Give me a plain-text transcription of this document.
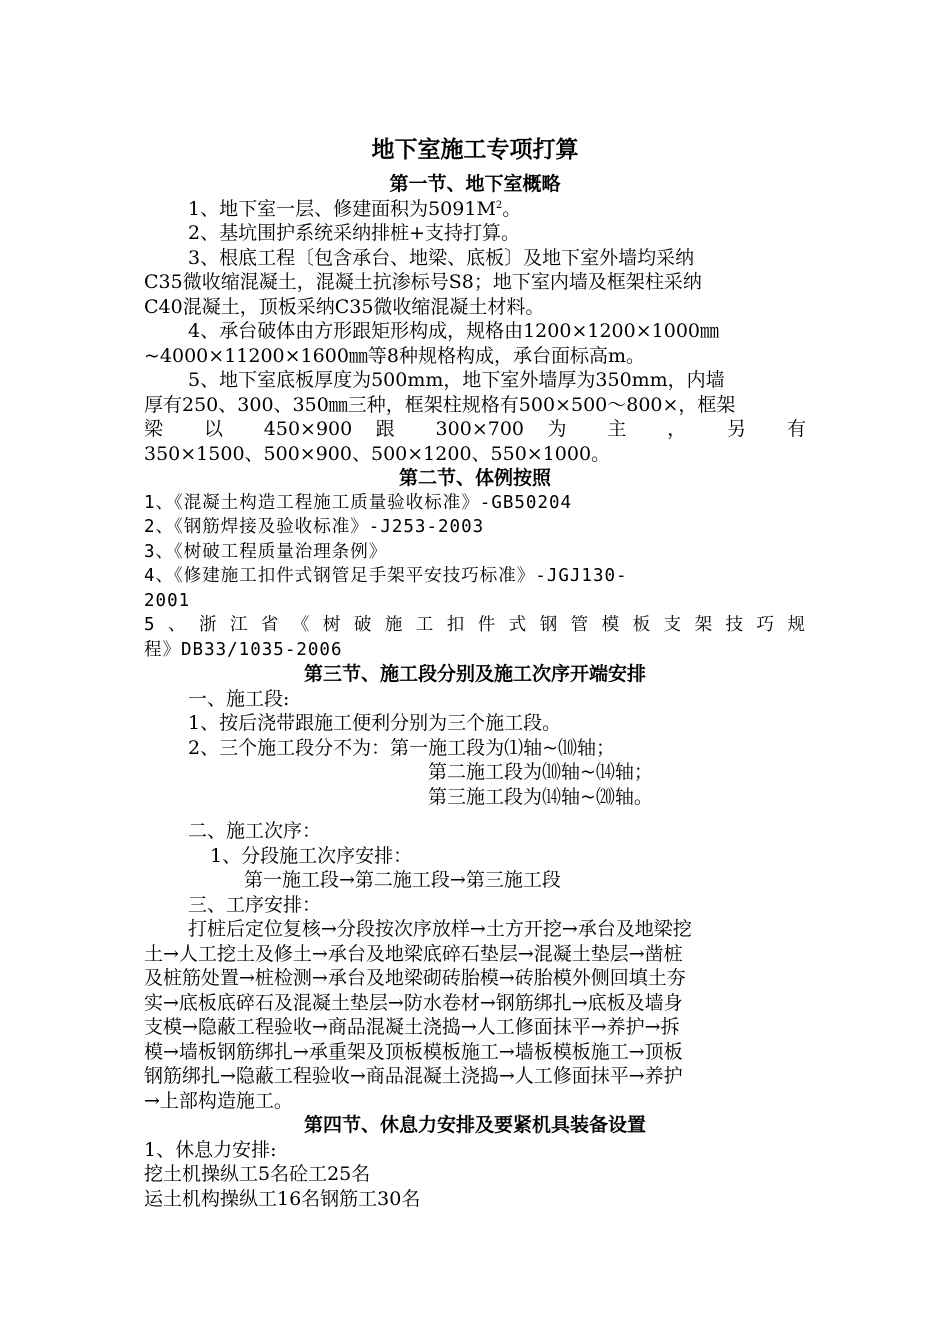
地下室施工专项打算
第一节、地下室概略
1、地下室一层、修建面积为$5091M^2$。
2、基坑围护系统采纳排桩+支持打算。
3、根底工程〔包含承台、地梁、底板〕及地下室外墙均采纳
C35微收缩混凝土，混凝土抗渗标号S8；地下室内墙及框架柱采纳
C40混凝土，顶板采纳C35微收缩混凝土材料。
4、承台破体由方形跟矩形构成，规格由1200×1200×1000㎜
~4000×11200×1600㎜等8种规格构成，承台面标高m。
5、地下室底板厚度为500mm，地下室外墙厚为350mm，内墙
厚有250、300、350㎜三种，框架柱规格有500×500～800×，框架
梁 以 450×900 跟 300×700 为 主 ， 另 有
350×1500、500×900、500×1200、550×1000。
第二节、体例按照
1、《混凝土构造工程施工质量验收标准》-GB50204
2、《钢筋焊接及验收标准》-J253-2003
3、《树破工程质量治理条例》
4、《修建施工扣件式钢管足手架平安技巧标准》-JGJ130-
2001
5、浙江省《树破施工扣件式钢管模板支架技巧规
程》DB33/1035-2006
第三节、施工段分别及施工次序开端安排
一、施工段:
1、按后浇带跟施工便利分别为三个施工段。
2、三个施工段分不为：第一施工段为⑴轴~⑽轴；
第二施工段为⑽轴~⒁轴；
第三施工段为⒁轴~⒇轴。
二、施工次序：
1、分段施工次序安排：
第一施工段→第二施工段→第三施工段
三、工序安排：
打桩后定位复核→分段按次序放样→土方开挖→承台及地梁挖
土→人工挖土及修土→承台及地梁底碎石垫层→混凝土垫层→凿桩
及桩筋处置→桩检测→承台及地梁砌砖胎模→砖胎模外侧回填土夯
实→底板底碎石及混凝土垫层→防水卷材→钢筋绑扎→底板及墙身
支模→隐蔽工程验收→商品混凝土浇捣→人工修面抹平→养护→拆
模→墙板钢筋绑扎→承重架及顶板模板施工→墙板模板施工→顶板
钢筋绑扎→隐蔽工程验收→商品混凝土浇捣→人工修面抹平→养护
→上部构造施工。
第四节、休息力安排及要紧机具装备设置
1、休息力安排:
挖土机操纵工5名砼工25名
运土机构操纵工16名钢筋工30名
